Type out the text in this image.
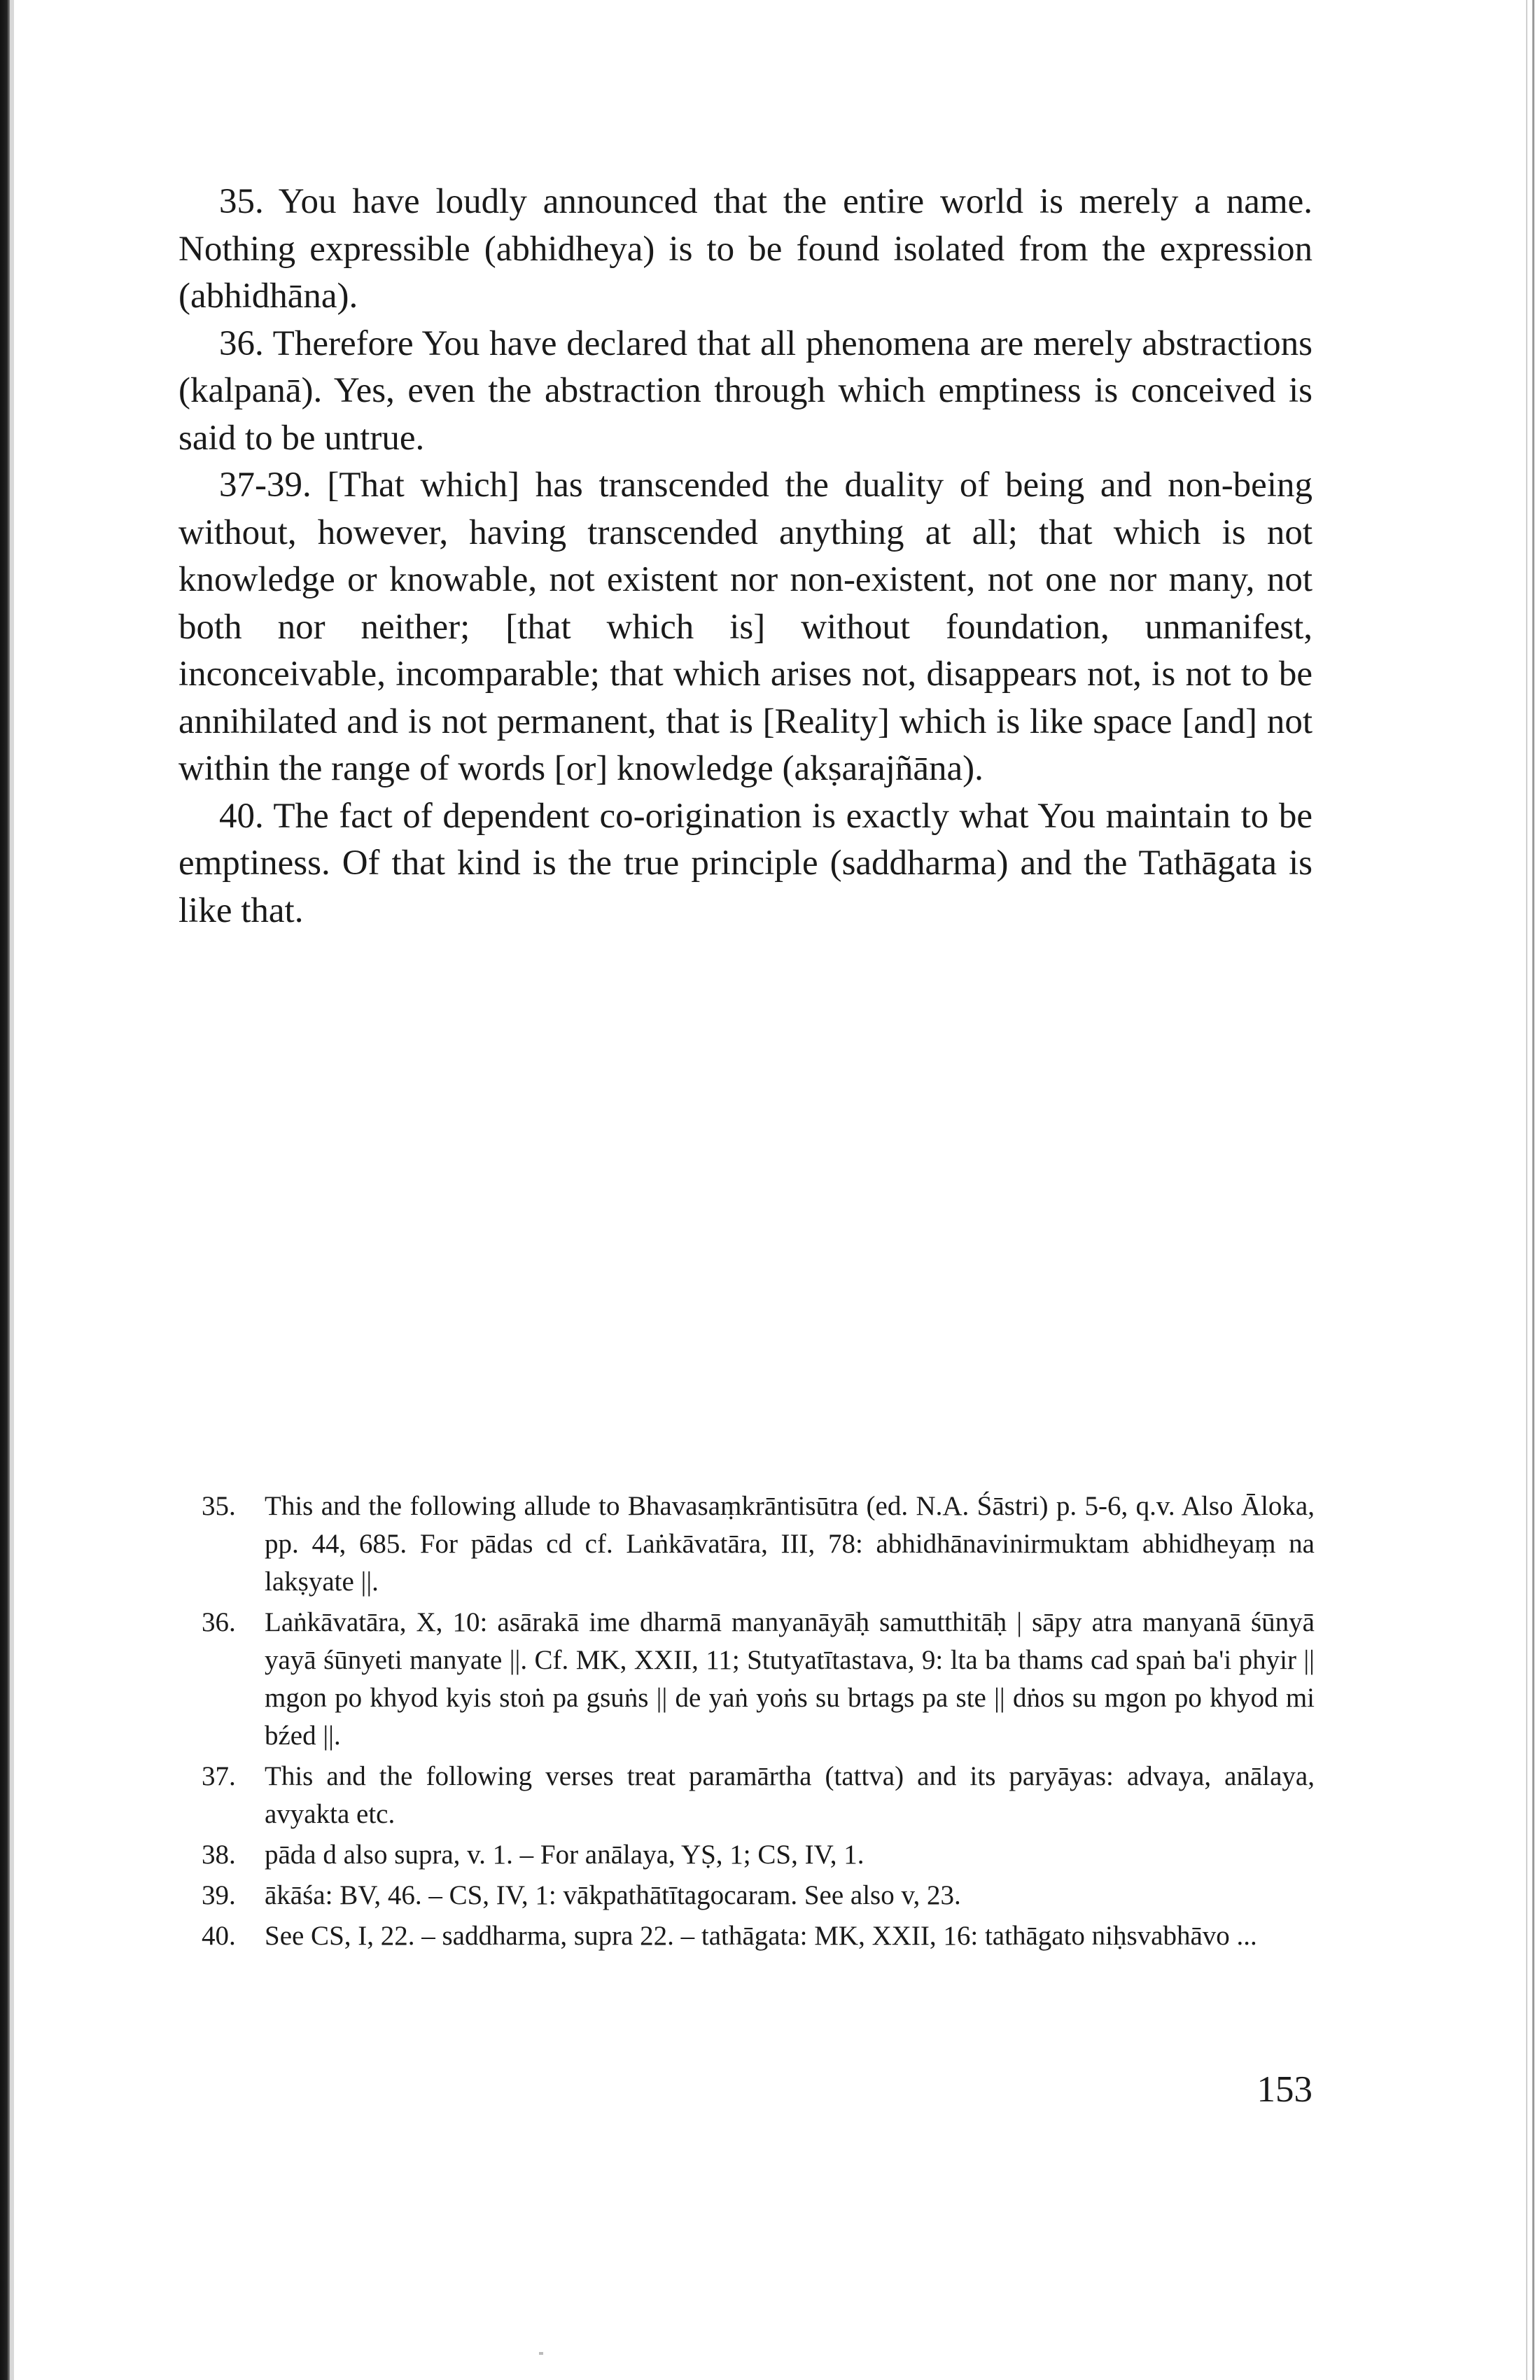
35. You have loudly announced that the entire world is merely a name. Nothing expressible (abhidheya) is to be found isolated from the expression (abhidhāna).

36. Therefore You have declared that all phenomena are merely abstractions (kalpanā). Yes, even the abstraction through which emptiness is conceived is said to be untrue.

37-39. [That which] has transcended the duality of being and non-being without, however, having transcended anything at all; that which is not knowledge or knowable, not existent nor non-existent, not one nor many, not both nor neither; [that which is] without foundation, unmanifest, inconceivable, incomparable; that which arises not, disappears not, is not to be annihilated and is not permanent, that is [Reality] which is like space [and] not within the range of words [or] knowledge (akṣarajñāna).

40. The fact of dependent co-origination is exactly what You maintain to be emptiness. Of that kind is the true principle (saddharma) and the Tathāgata is like that.

35.	This and the following allude to Bhavasaṃkrāntisūtra (ed. N.A. Śāstri) p. 5-6, q.v. Also Āloka, pp. 44, 685. For pādas cd cf. Laṅkāvatāra, III, 78: abhidhānavinirmuktam abhidheyaṃ na lakṣyate ||.
36.	Laṅkāvatāra, X, 10: asārakā ime dharmā manyanāyāḥ samutthitāḥ | sāpy atra manyanā śūnyā yayā śūnyeti manyate ||. Cf. MK, XXII, 11; Stutyatītastava, 9: lta ba thams cad spaṅ ba'i phyir || mgon po khyod kyis stoṅ pa gsuṅs || de yaṅ yoṅs su brtags pa ste || dṅos su mgon po khyod mi bźed ||.
37.	This and the following verses treat paramārtha (tattva) and its paryāyas: advaya, anālaya, avyakta etc.
38.	pāda d also supra, v. 1. – For anālaya, YṢ, 1; CS, IV, 1.
39.	ākāśa: BV, 46. – CS, IV, 1: vākpathātītagocaram. See also v, 23.
40.	See CS, I, 22. – saddharma, supra 22. – tathāgata: MK, XXII, 16: tathāgato niḥsvabhāvo ...
153
